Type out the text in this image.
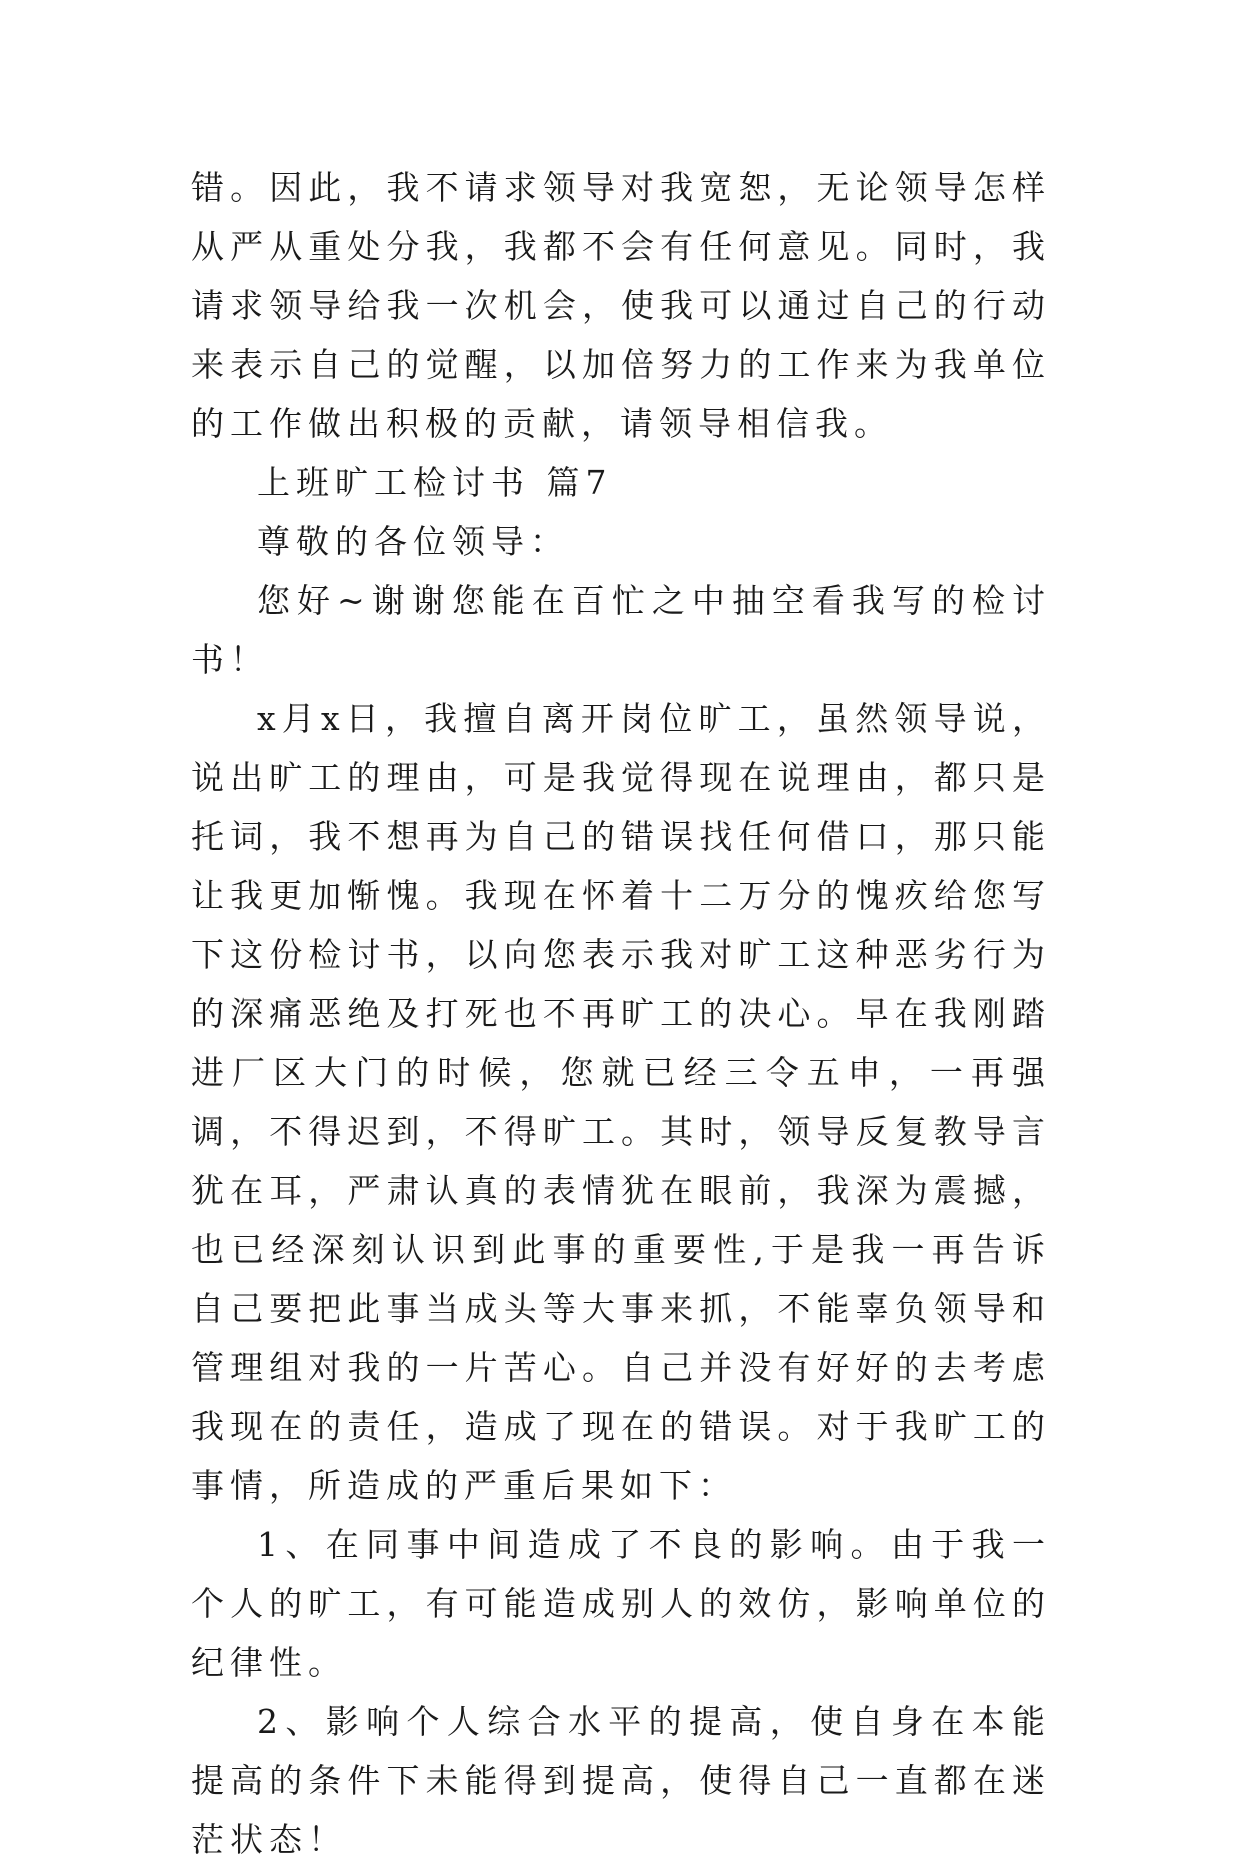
错。因此，我不请求领导对我宽恕，无论领导怎样从严从重处分我，我都不会有任何意见。同时，我请求领导给我一次机会，使我可以通过自己的行动来表示自己的觉醒，以加倍努力的工作来为我单位的工作做出积极的贡献，请领导相信我。

上班旷工检讨书 篇7

尊敬的各位领导：

您好~谢谢您能在百忙之中抽空看我写的检讨书！

x月x日，我擅自离开岗位旷工，虽然领导说，说出旷工的理由，可是我觉得现在说理由，都只是托词，我不想再为自己的错误找任何借口，那只能让我更加惭愧。我现在怀着十二万分的愧疚给您写下这份检讨书，以向您表示我对旷工这种恶劣行为的深痛恶绝及打死也不再旷工的决心。早在我刚踏进厂区大门的时候，您就已经三令五申，一再强调，不得迟到，不得旷工。其时，领导反复教导言犹在耳，严肃认真的表情犹在眼前，我深为震撼，也已经深刻认识到此事的重要性,于是我一再告诉自己要把此事当成头等大事来抓，不能辜负领导和管理组对我的一片苦心。自己并没有好好的去考虑我现在的责任，造成了现在的错误。对于我旷工的事情，所造成的严重后果如下：

1、在同事中间造成了不良的影响。由于我一个人的旷工，有可能造成别人的效仿，影响单位的纪律性。

2、影响个人综合水平的提高，使自身在本能提高的条件下未能得到提高，使得自己一直都在迷茫状态！
